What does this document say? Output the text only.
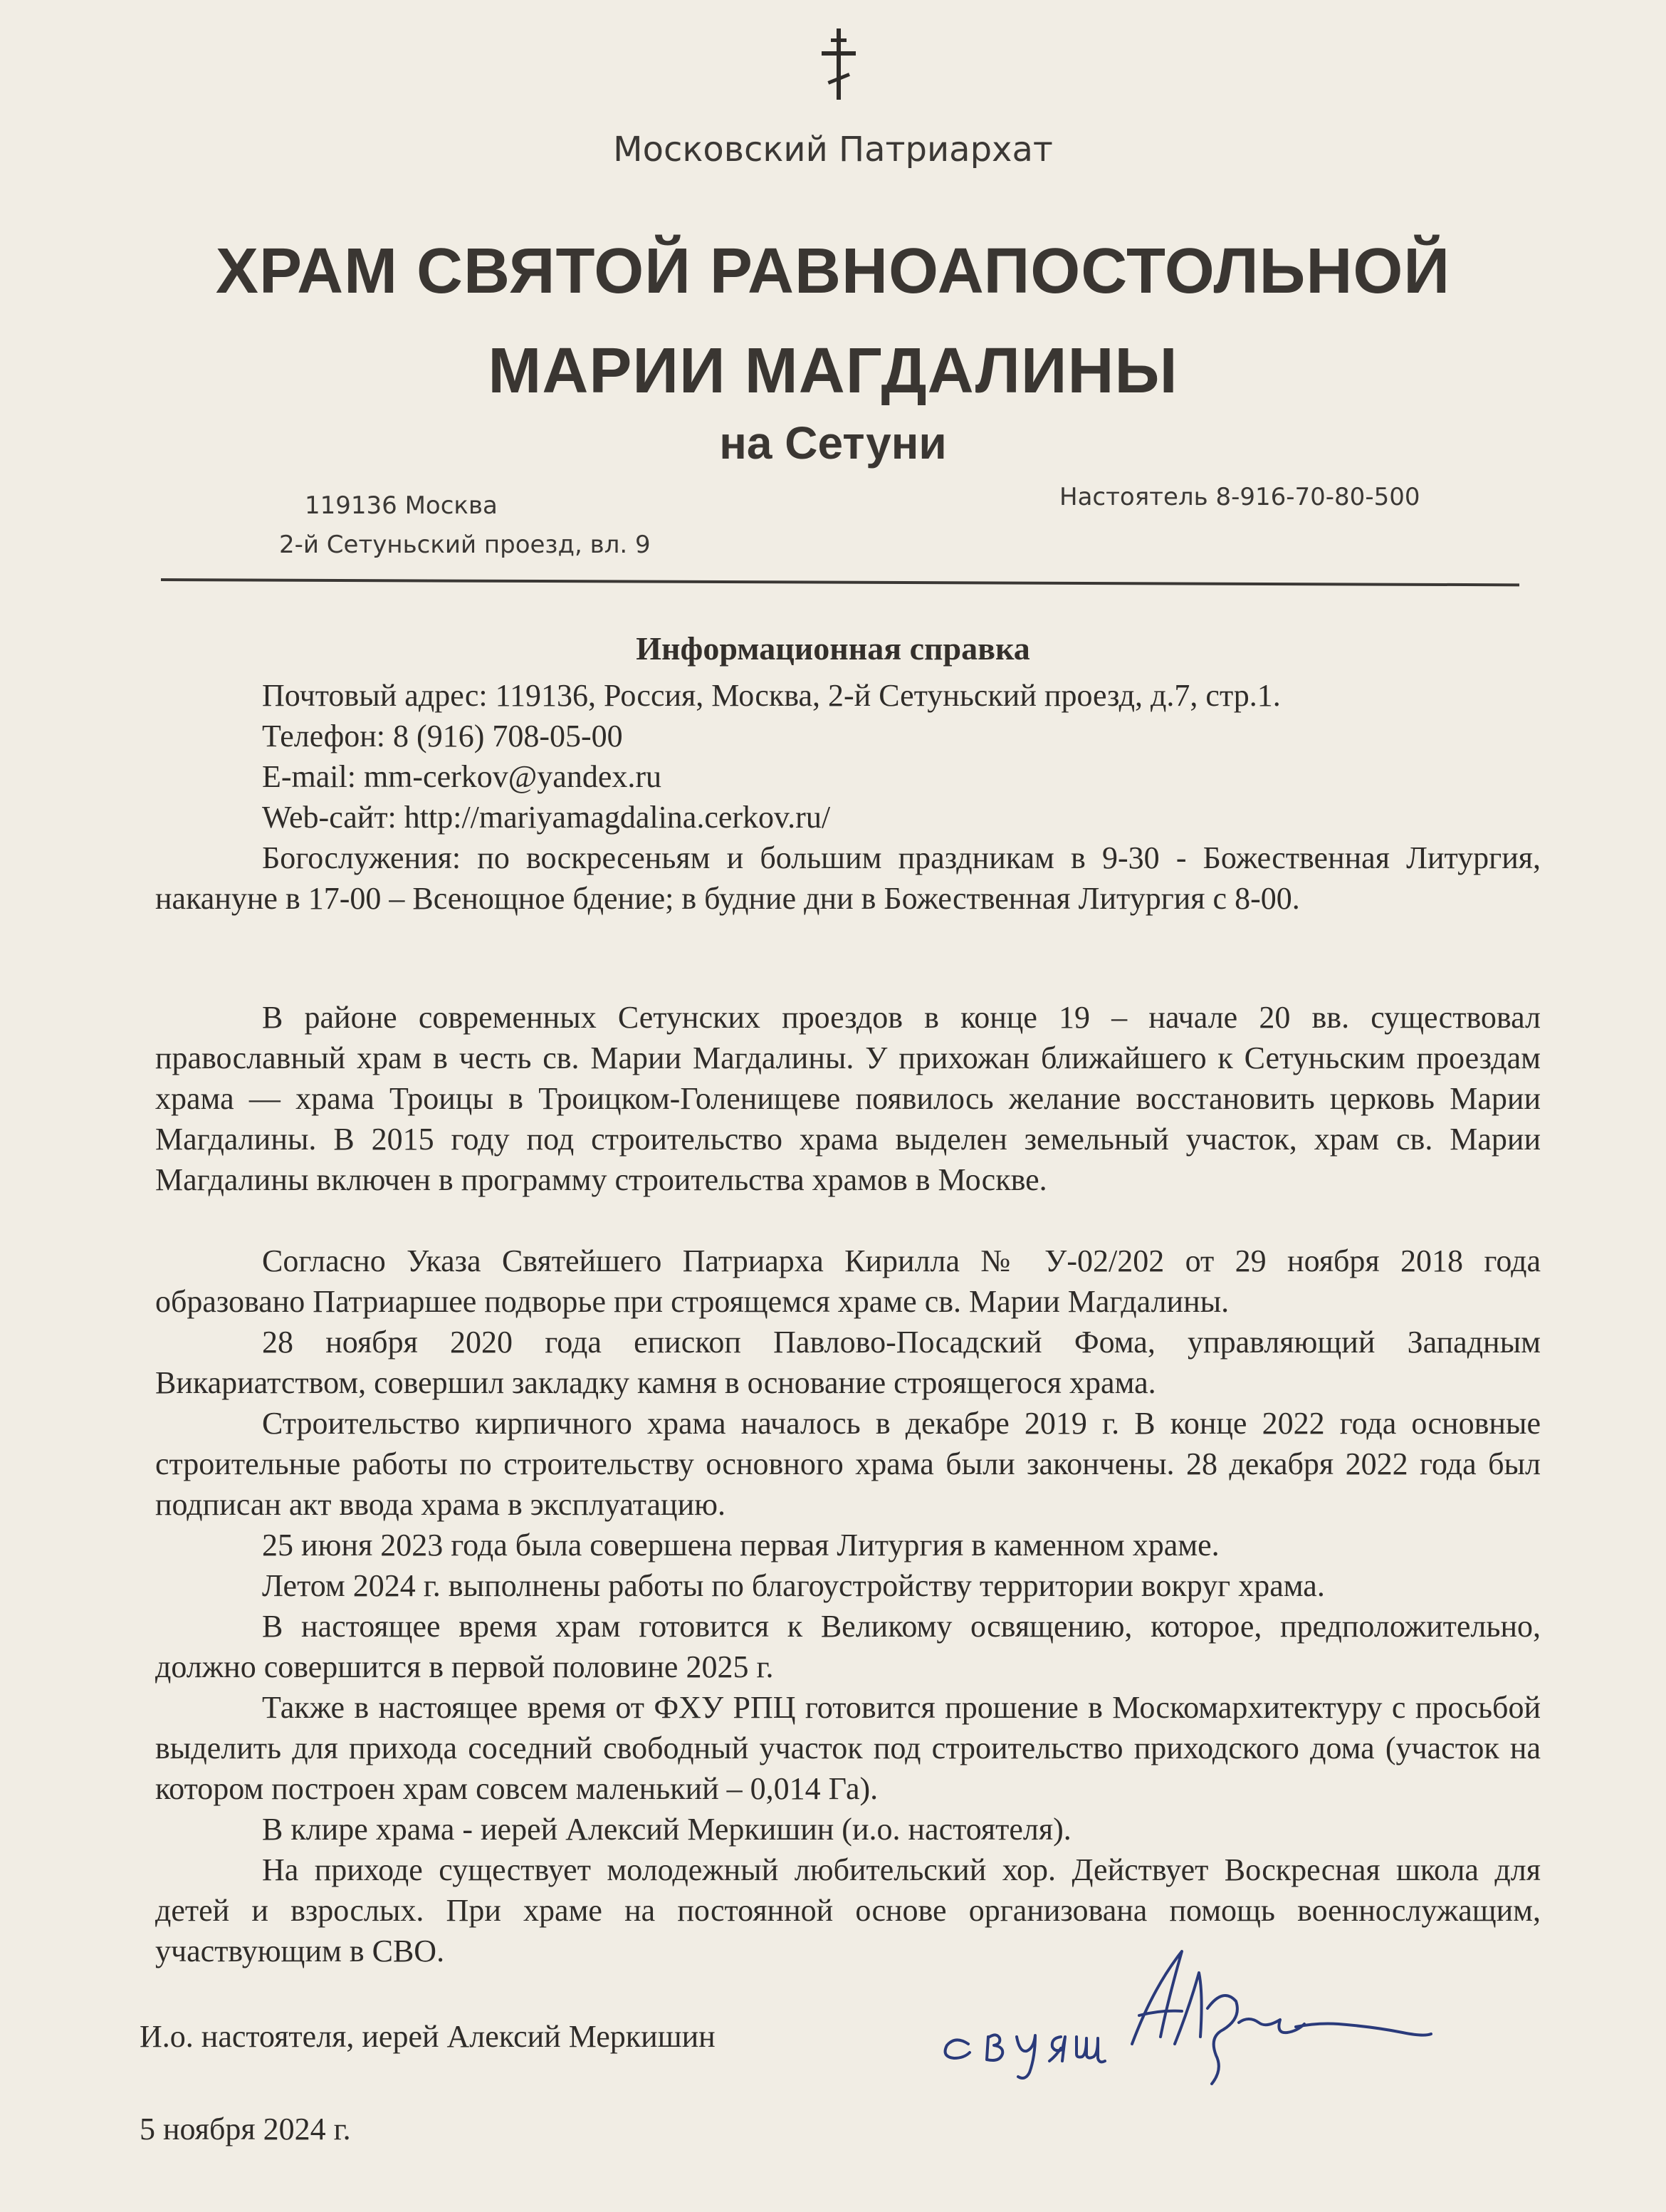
Московский Патриархат
ХРАМ СВЯТОЙ РАВНОАПОСТОЛЬНОЙ
МАРИИ МАГДАЛИНЫ
на Сетуни
119136 Москва
2-й Сетуньский проезд, вл. 9
Настоятель 8-916-70-80-500
Информационная справка
Почтовый адрес: 119136, Россия, Москва, 2-й Сетуньский проезд, д.7, стр.1.
Телефон: 8 (916) 708-05-00
E-mail: mm-cerkov@yandex.ru
Web-сайт: http://mariyamagdalina.cerkov.ru/
Богослужения: по воскресеньям и большим праздникам в 9-30 - Божественная Литургия, накануне в 17-00 – Всенощное бдение; в будние дни в Божественная Литургия с 8-00.
В районе современных Сетунских проездов в конце 19 – начале 20 вв. существовал православный храм в честь св. Марии Магдалины. У прихожан ближайшего к Сетуньским проездам храма — храма Троицы в Троицком-Голенищеве появилось желание восстановить церковь Марии Магдалины. В 2015 году под строительство храма выделен земельный участок, храм св. Марии Магдалины включен в программу строительства храмов в Москве.
Согласно Указа Святейшего Патриарха Кирилла № У-02/202 от 29 ноября 2018 года образовано Патриаршее подворье при строящемся храме св. Марии Магдалины.
28 ноября 2020 года епископ Павлово-Посадский Фома, управляющий Западным Викариатством, совершил закладку камня в основание строящегося храма.
Строительство кирпичного храма началось в декабре 2019 г. В конце 2022 года основные строительные работы по строительству основного храма были закончены. 28 декабря 2022 года был подписан акт ввода храма в эксплуатацию.
25 июня 2023 года была совершена первая Литургия в каменном храме.
Летом 2024 г. выполнены работы по благоустройству территории вокруг храма.
В настоящее время храм готовится к Великому освящению, которое, предположительно, должно совершится в первой половине 2025 г.
Также в настоящее время от ФХУ РПЦ готовится прошение в Москомархитектуру с просьбой выделить для прихода соседний свободный участок под строительство приходского дома (участок на котором построен храм совсем маленький – 0,014 Га).
В клире храма - иерей Алексий Меркишин (и.о. настоятеля).
На приходе существует молодежный любительский хор. Действует Воскресная школа для детей и взрослых. При храме на постоянной основе организована помощь военнослужащим, участвующим в СВО.
И.о. настоятеля, иерей Алексий Меркишин
5 ноября 2024 г.
